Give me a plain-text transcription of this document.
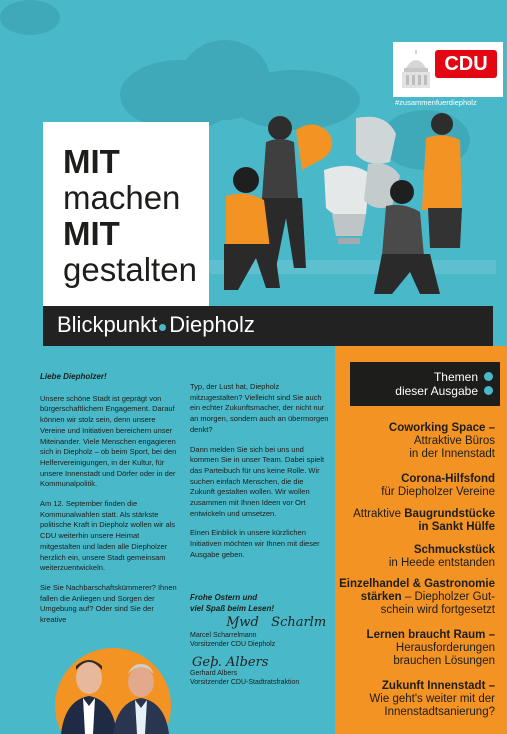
CDU
#zusammenfuerdiepholz
MIT
machen
MIT
gestalten
Blickpunkt Diepholz
Themen
dieser Ausgabe
Coworking Space –
Attraktive Büros
in der Innenstadt
Corona-Hilfsfond
für Diepholzer Vereine
Attraktive Baugrundstücke
in Sankt Hülfe
Schmuckstück
in Heede entstanden
Einzelhandel & Gastronomie
stärken – Diepholzer Gut-
schein wird fortgesetzt
Lernen braucht Raum –
Herausforderungen
brauchen Lösungen
Zukunft Innenstadt –
Wie geht's weiter mit der
Innenstadtsanierung?

Liebe Diepholzer!

Unsere schöne Stadt ist geprägt von bürgerschaftlichem Engagement. Darauf können wir stolz sein, denn unsere Vereine und Initiativen bereichern unser Miteinander. Viele Menschen engagieren sich in Diepholz – ob beim Sport, bei den Helfervereinigungen, in der Kultur, für unsere Innenstadt und Dörfer oder in der Kommunalpolitik.

Am 12. September finden die Kommunalwahlen statt. Als stärkste politische Kraft in Diepholz wollen wir als CDU weiterhin unsere Heimat mitgestalten und laden alle Diepholzer herzlich ein, unsere Stadt gemeinsam weiterzuentwickeln.

Sie Sie Nachbarschaftskümmerer? Ihnen fallen die Anliegen und Sorgen der Umgebung auf? Oder sind Sie der kreative

Typ, der Lust hat, Diepholz mitzugestalten? Vielleicht sind Sie auch ein echter Zukunftsmacher, der nicht nur an morgen, sondern auch an übermorgen denkt?

Dann melden Sie sich bei uns und kommen Sie in unser Team. Dabei spielt das Parteibuch für uns keine Rolle. Wir suchen einfach Menschen, die die Zukunft gestalten wollen. Wir wollen zusammen mit Ihnen Ideen vor Ort entwickeln und umsetzen.

Einen Einblick in unsere kürzlichen Initiativen möchten wir Ihnen mit dieser Ausgabe geben.

Frohe Ostern und
viel Spaß beim Lesen!
Ɱwd   Scharlm
Marcel Scharrelmann
Vorsitzender CDU Diepholz
Geþ. Albers
Gerhard Albers
Vorsitzender CDU-Stadtratsfraktion
